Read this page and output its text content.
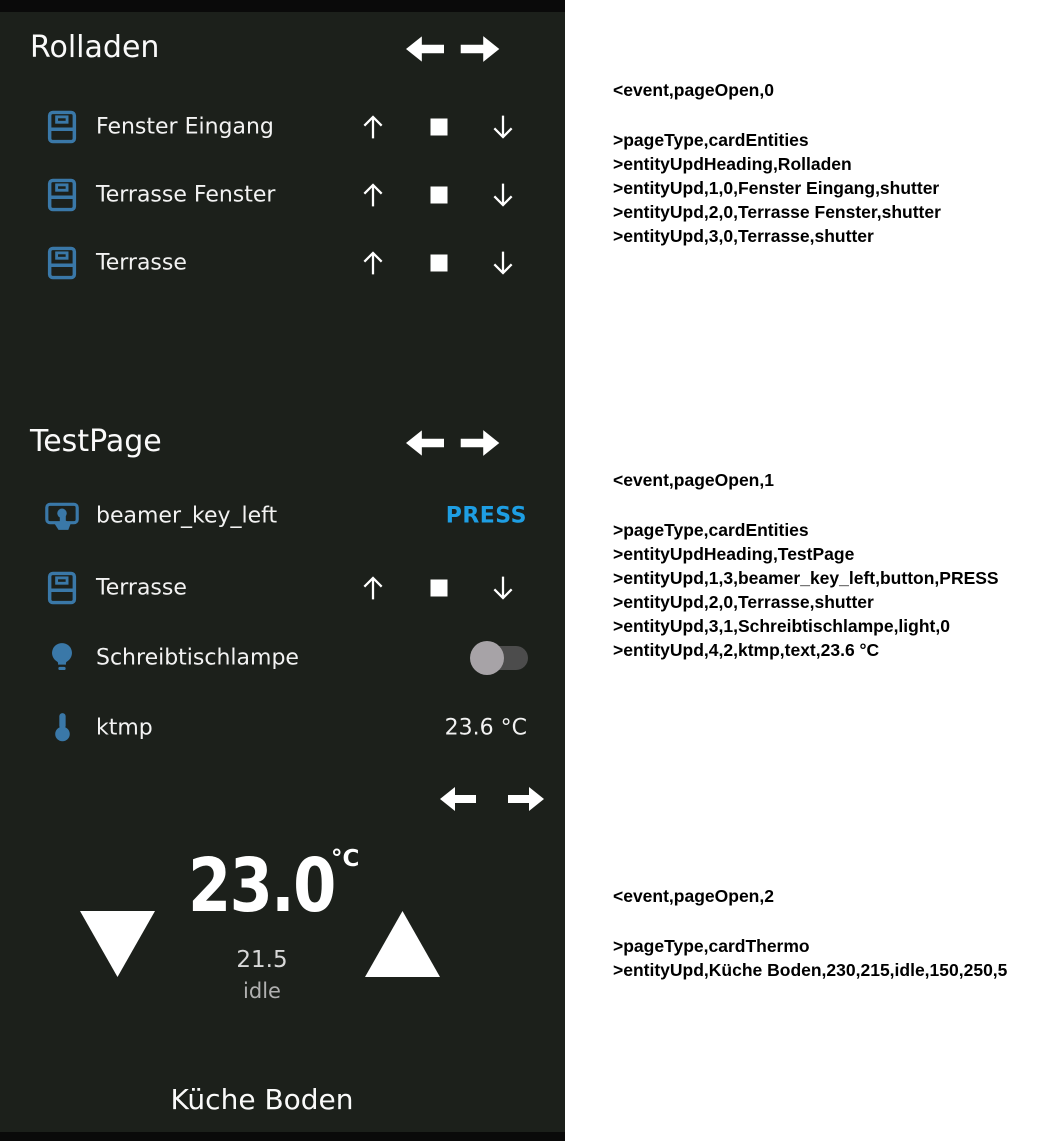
Rolladen
Fenster Eingang
Terrasse Fenster
Terrasse
TestPage
beamer_key_left	PRESS
Terrasse
Schreibtischlampe
ktmp	23.6 °C
23.0
°C
21.5
idle
Küche Boden
<event,pageOpen,0
>pageType,cardEntities
>entityUpdHeading,Rolladen
>entityUpd,1,0,Fenster Eingang,shutter
>entityUpd,2,0,Terrasse Fenster,shutter
>entityUpd,3,0,Terrasse,shutter
<event,pageOpen,1
>pageType,cardEntities
>entityUpdHeading,TestPage
>entityUpd,1,3,beamer_key_left,button,PRESS
>entityUpd,2,0,Terrasse,shutter
>entityUpd,3,1,Schreibtischlampe,light,0
>entityUpd,4,2,ktmp,text,23.6 °C
<event,pageOpen,2
>pageType,cardThermo
>entityUpd,Küche Boden,230,215,idle,150,250,5
